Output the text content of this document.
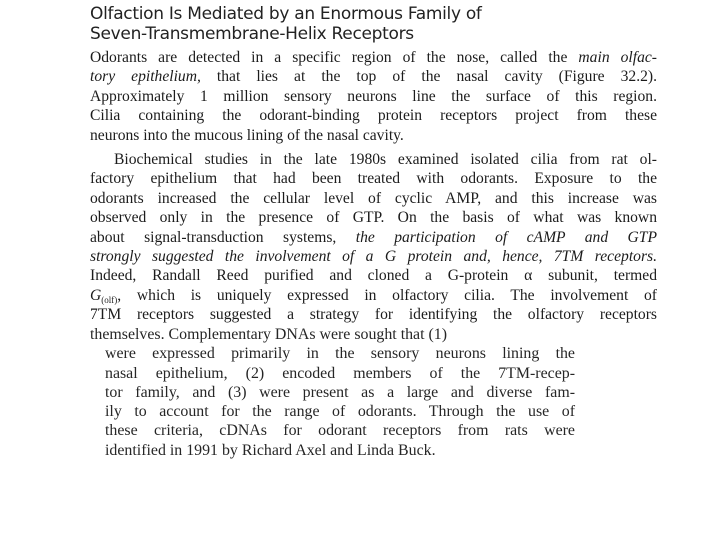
Olfaction Is Mediated by an Enormous Family of
Seven-Transmembrane-Helix Receptors
Odorants are detected in a specific region of the nose, called the main olfac-
tory epithelium, that lies at the top of the nasal cavity (Figure 32.2).
Approximately 1 million sensory neurons line the surface of this region.
Cilia containing the odorant-binding protein receptors project from these
neurons into the mucous lining of the nasal cavity.
Biochemical studies in the late 1980s examined isolated cilia from rat ol-
factory epithelium that had been treated with odorants. Exposure to the
odorants increased the cellular level of cyclic AMP, and this increase was
observed only in the presence of GTP. On the basis of what was known
about signal-transduction systems, the participation of cAMP and GTP
strongly suggested the involvement of a G protein and, hence, 7TM receptors.
Indeed, Randall Reed purified and cloned a G-protein α subunit, termed
$G_{(olf)}$, which is uniquely expressed in olfactory cilia. The involvement of
7TM receptors suggested a strategy for identifying the olfactory receptors
themselves. Complementary DNAs were sought that (1)
were expressed primarily in the sensory neurons lining the
nasal epithelium, (2) encoded members of the 7TM-recep-
tor family, and (3) were present as a large and diverse fam-
ily to account for the range of odorants. Through the use of
these criteria, cDNAs for odorant receptors from rats were
identified in 1991 by Richard Axel and Linda Buck.
